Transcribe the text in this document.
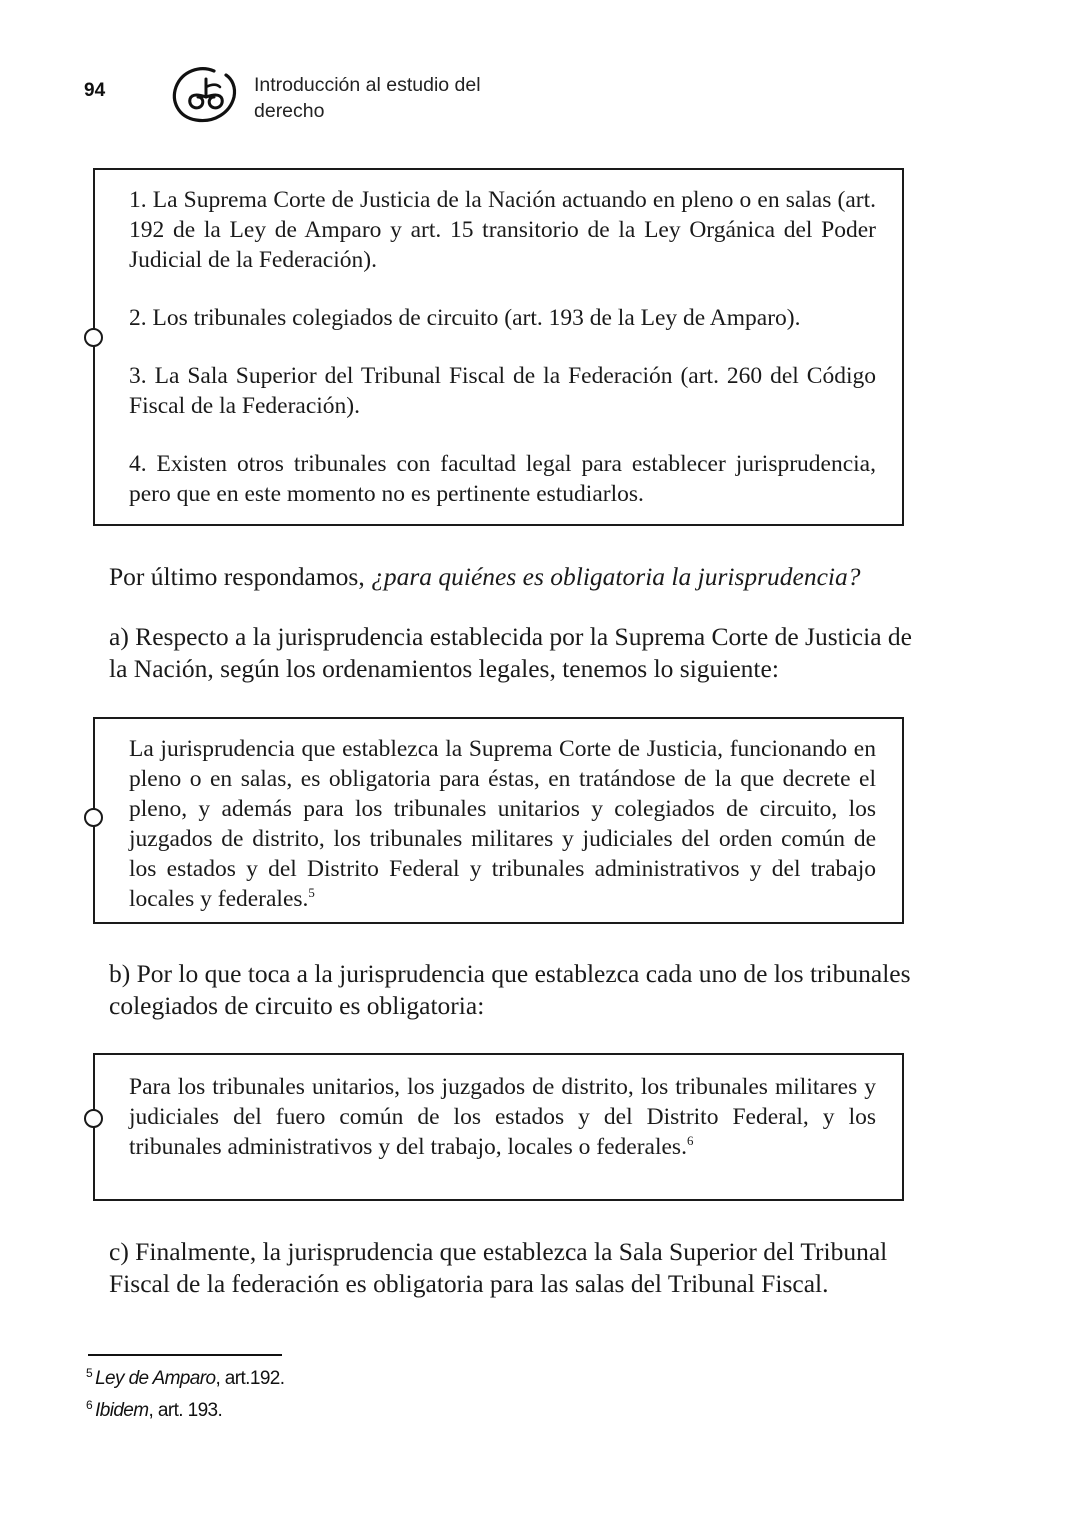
94	Introducción al estudio del derecho

1. La Suprema Corte de Justicia de la Nación actuando en pleno o en salas (art. 192 de la Ley de Amparo y art. 15 transitorio de la Ley Orgánica del Poder Judicial de la Federación).

2. Los tribunales colegiados de circuito (art. 193 de la Ley de Amparo).

3. La Sala Superior del Tribunal Fiscal de la Federación (art. 260 del Código Fiscal de la Federación).

4. Existen otros tribunales con facultad legal para establecer jurisprudencia, pero que en este momento no es pertinente estudiarlos.

Por último respondamos, ¿para quiénes es obligatoria la jurisprudencia?

a) Respecto a la jurisprudencia establecida por la Suprema Corte de Justicia de la Nación, según los ordenamientos legales, tenemos lo siguiente:

La jurisprudencia que establezca la Suprema Corte de Justicia, funcionando en pleno o en salas, es obligatoria para éstas, en tratándose de la que decrete el pleno, y además para los tribunales unitarios y colegiados de circuito, los juzgados de distrito, los tribunales militares y judiciales del orden común de los estados y del Distrito Federal y tribunales administrativos y del trabajo locales y federales.$^5$

b) Por lo que toca a la jurisprudencia que establezca cada uno de los tribunales colegiados de circuito es obligatoria:

Para los tribunales unitarios, los juzgados de distrito, los tribunales militares y judiciales del fuero común de los estados y del Distrito Federal, y los tribunales administrativos y del trabajo, locales o federales.$^6$

c) Finalmente, la jurisprudencia que establezca la Sala Superior del Tribunal Fiscal de la federación es obligatoria para las salas del Tribunal Fiscal.

$^5$ Ley de Amparo, art.192.
$^6$ Ibidem, art. 193.
